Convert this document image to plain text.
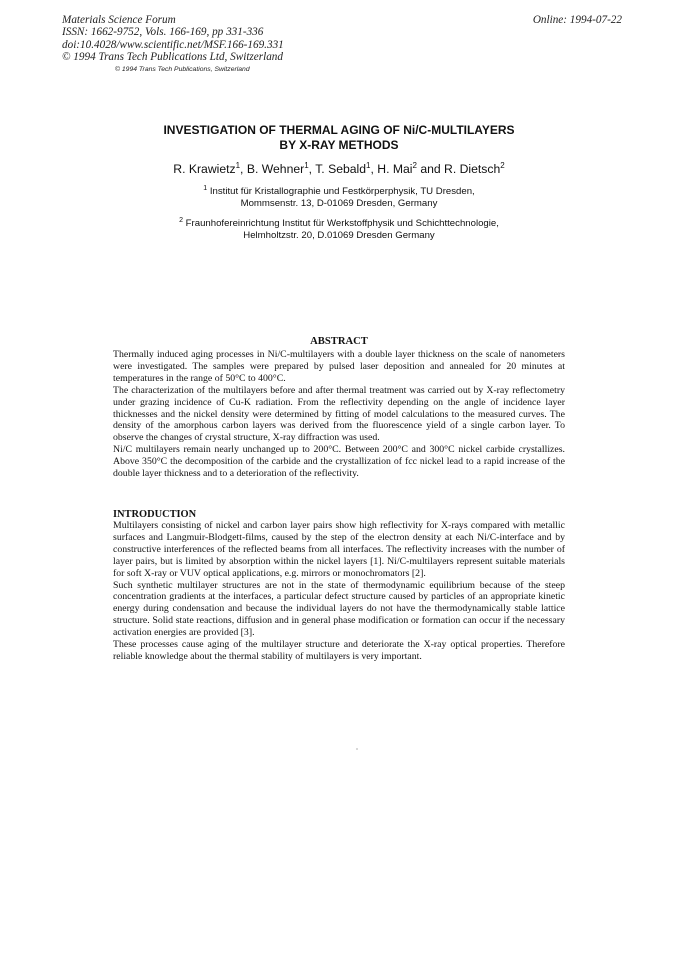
Materials Science Forum
ISSN: 1662-9752, Vols. 166-169, pp 331-336
doi:10.4028/www.scientific.net/MSF.166-169.331
© 1994 Trans Tech Publications Ltd, Switzerland
Online: 1994-07-22
© 1994 Trans Tech Publications, Switzerland
INVESTIGATION OF THERMAL AGING OF Ni/C-MULTILAYERS
BY X-RAY METHODS
R. Krawietz$^1$, B. Wehner$^1$, T. Sebald$^1$, H. Mai$^2$ and R. Dietsch$^2$
$^1$ Institut für Kristallographie und Festkörperphysik, TU Dresden,
Mommsenstr. 13, D-01069 Dresden, Germany
$^2$ Fraunhofereinrichtung Institut für Werkstoffphysik und Schichttechnologie,
Helmholtzstr. 20, D.01069 Dresden Germany
ABSTRACT

Thermally induced aging processes in Ni/C-multilayers with a double layer thickness on the scale of nanometers were investigated. The samples were prepared by pulsed laser deposition and annealed for 20 minutes at temperatures in the range of 50°C to 400°C.

The characterization of the multilayers before and after thermal treatment was carried out by X-ray reflectometry under grazing incidence of Cu-K radiation. From the reflectivity depending on the angle of incidence layer thicknesses and the nickel density were determined by fitting of model calculations to the measured curves. The density of the amorphous carbon layers was derived from the fluorescence yield of a single carbon layer. To observe the changes of crystal structure, X-ray diffraction was used.

Ni/C multilayers remain nearly unchanged up to 200°C. Between 200°C and 300°C nickel carbide crystallizes. Above 350°C the decomposition of the carbide and the crystallization of fcc nickel lead to a rapid increase of the double layer thickness and to a deterioration of the reflectivity.

INTRODUCTION

Multilayers consisting of nickel and carbon layer pairs show high reflectivity for X-rays compared with metallic surfaces and Langmuir-Blodgett-films, caused by the step of the electron density at each Ni/C-interface and by constructive interferences of the reflected beams from all interfaces. The reflectivity increases with the number of layer pairs, but is limited by absorption within the nickel layers [1]. Ni/C-multilayers represent suitable materials for soft X-ray or VUV optical applications, e.g. mirrors or monochromators [2].

Such synthetic multilayer structures are not in the state of thermodynamic equilibrium because of the steep concentration gradients at the interfaces, a particular defect structure caused by particles of an appropriate kinetic energy during condensation and because the individual layers do not have the thermodynamically stable lattice structure. Solid state reactions, diffusion and in general phase modification or formation can occur if the necessary activation energies are provided [3].

These processes cause aging of the multilayer structure and deteriorate the X-ray optical properties. Therefore reliable knowledge about the thermal stability of multilayers is very important.
